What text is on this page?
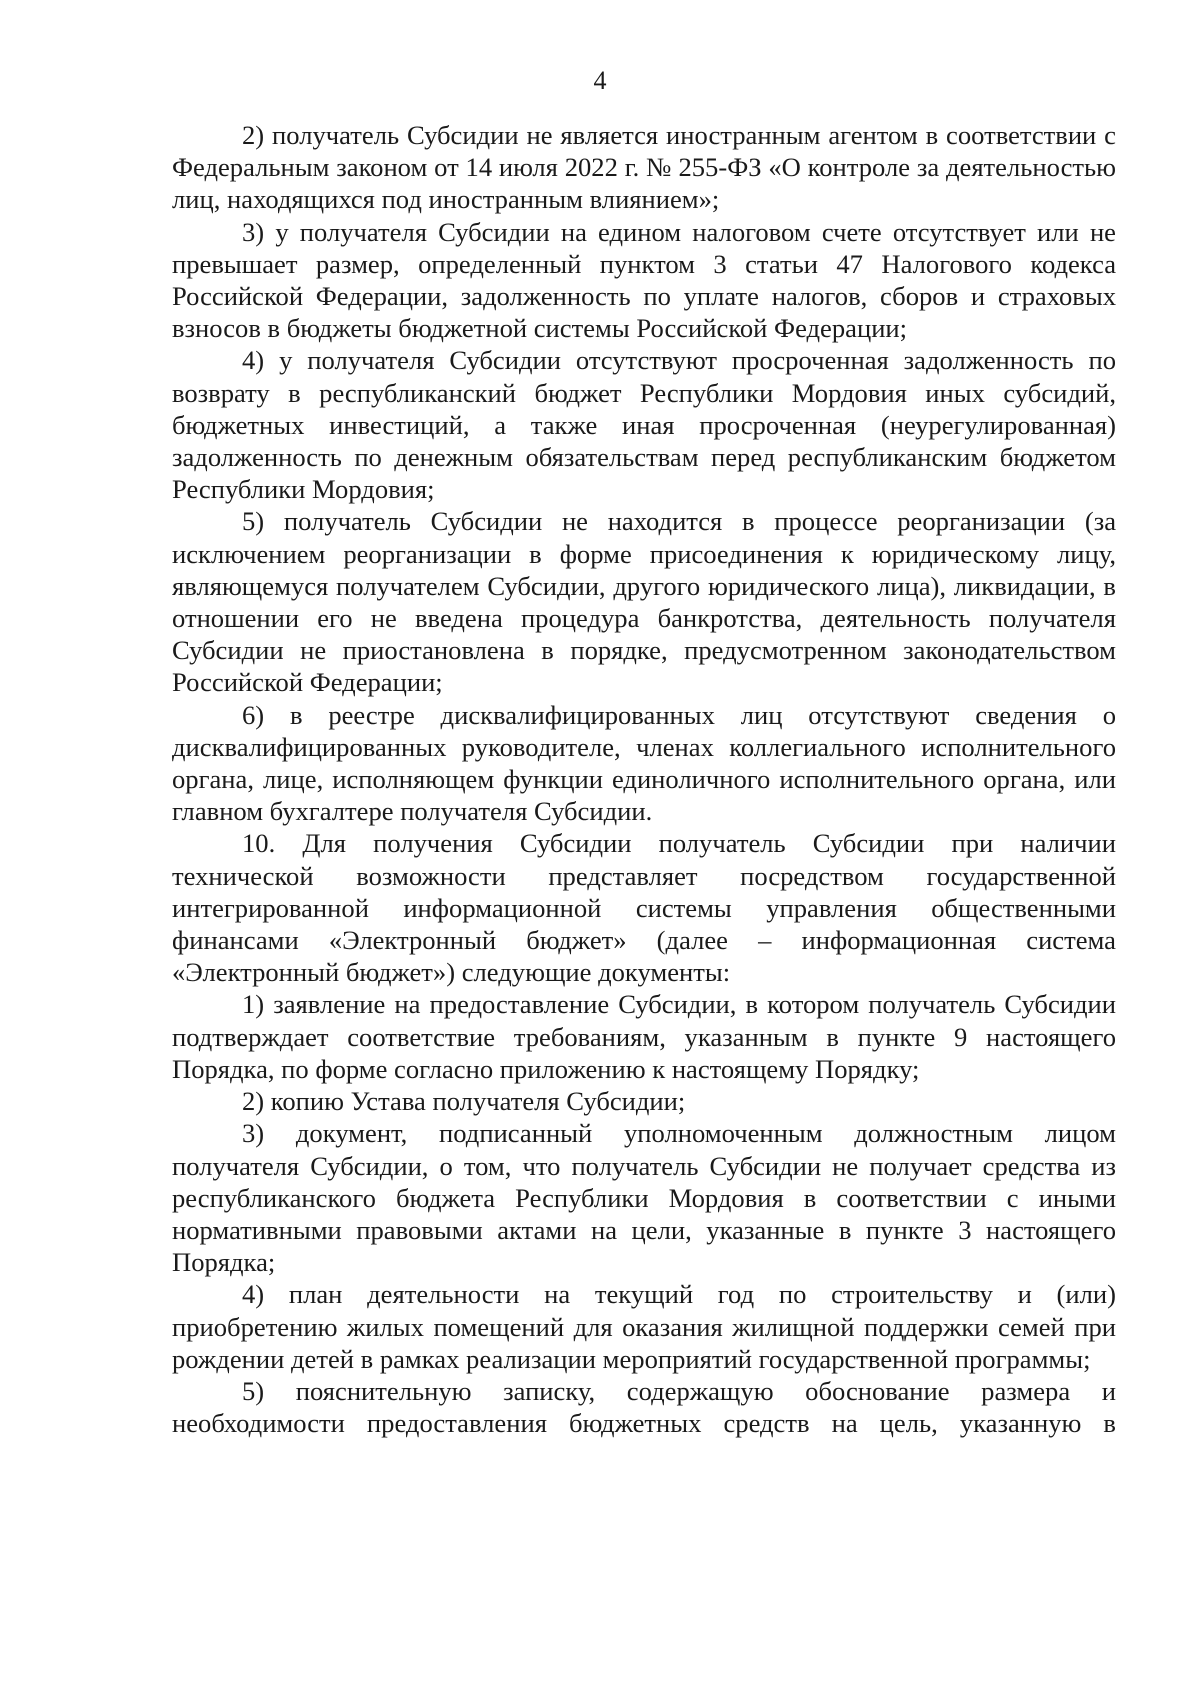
4

2) получатель Субсидии не является иностранным агентом в соответствии с Федеральным законом от 14 июля 2022 г. № 255-ФЗ «О контроле за деятельностью лиц, находящихся под иностранным влиянием»;

3) у получателя Субсидии на едином налоговом счете отсутствует или не превышает размер, определенный пунктом 3 статьи 47 Налогового кодекса Российской Федерации, задолженность по уплате налогов, сборов и страховых взносов в бюджеты бюджетной системы Российской Федерации;

4) у получателя Субсидии отсутствуют просроченная задолженность по возврату в республиканский бюджет Республики Мордовия иных субсидий, бюджетных инвестиций, а также иная просроченная (неурегулированная) задолженность по денежным обязательствам перед республиканским бюджетом Республики Мордовия;

5) получатель Субсидии не находится в процессе реорганизации (за исключением реорганизации в форме присоединения к юридическому лицу, являющемуся получателем Субсидии, другого юридического лица), ликвидации, в отношении его не введена процедура банкротства, деятельность получателя Субсидии не приостановлена в порядке, предусмотренном законодательством Российской Федерации;

6) в реестре дисквалифицированных лиц отсутствуют сведения о дисквалифицированных руководителе, членах коллегиального исполнительного органа, лице, исполняющем функции единоличного исполнительного органа, или главном бухгалтере получателя Субсидии.

10. Для получения Субсидии получатель Субсидии при наличии технической возможности представляет посредством государственной интегрированной информационной системы управления общественными финансами «Электронный бюджет» (далее – информационная система «Электронный бюджет») следующие документы:

1) заявление на предоставление Субсидии, в котором получатель Субсидии подтверждает соответствие требованиям, указанным в пункте 9 настоящего Порядка, по форме согласно приложению к настоящему Порядку;

2) копию Устава получателя Субсидии;

3) документ, подписанный уполномоченным должностным лицом получателя Субсидии, о том, что получатель Субсидии не получает средства из республиканского бюджета Республики Мордовия в соответствии с иными нормативными правовыми актами на цели, указанные в пункте 3 настоящего Порядка;

4) план деятельности на текущий год по строительству и (или) приобретению жилых помещений для оказания жилищной поддержки семей при рождении детей в рамках реализации мероприятий государственной программы;

5) пояснительную записку, содержащую обоснование размера и необходимости предоставления бюджетных средств на цель, указанную в
